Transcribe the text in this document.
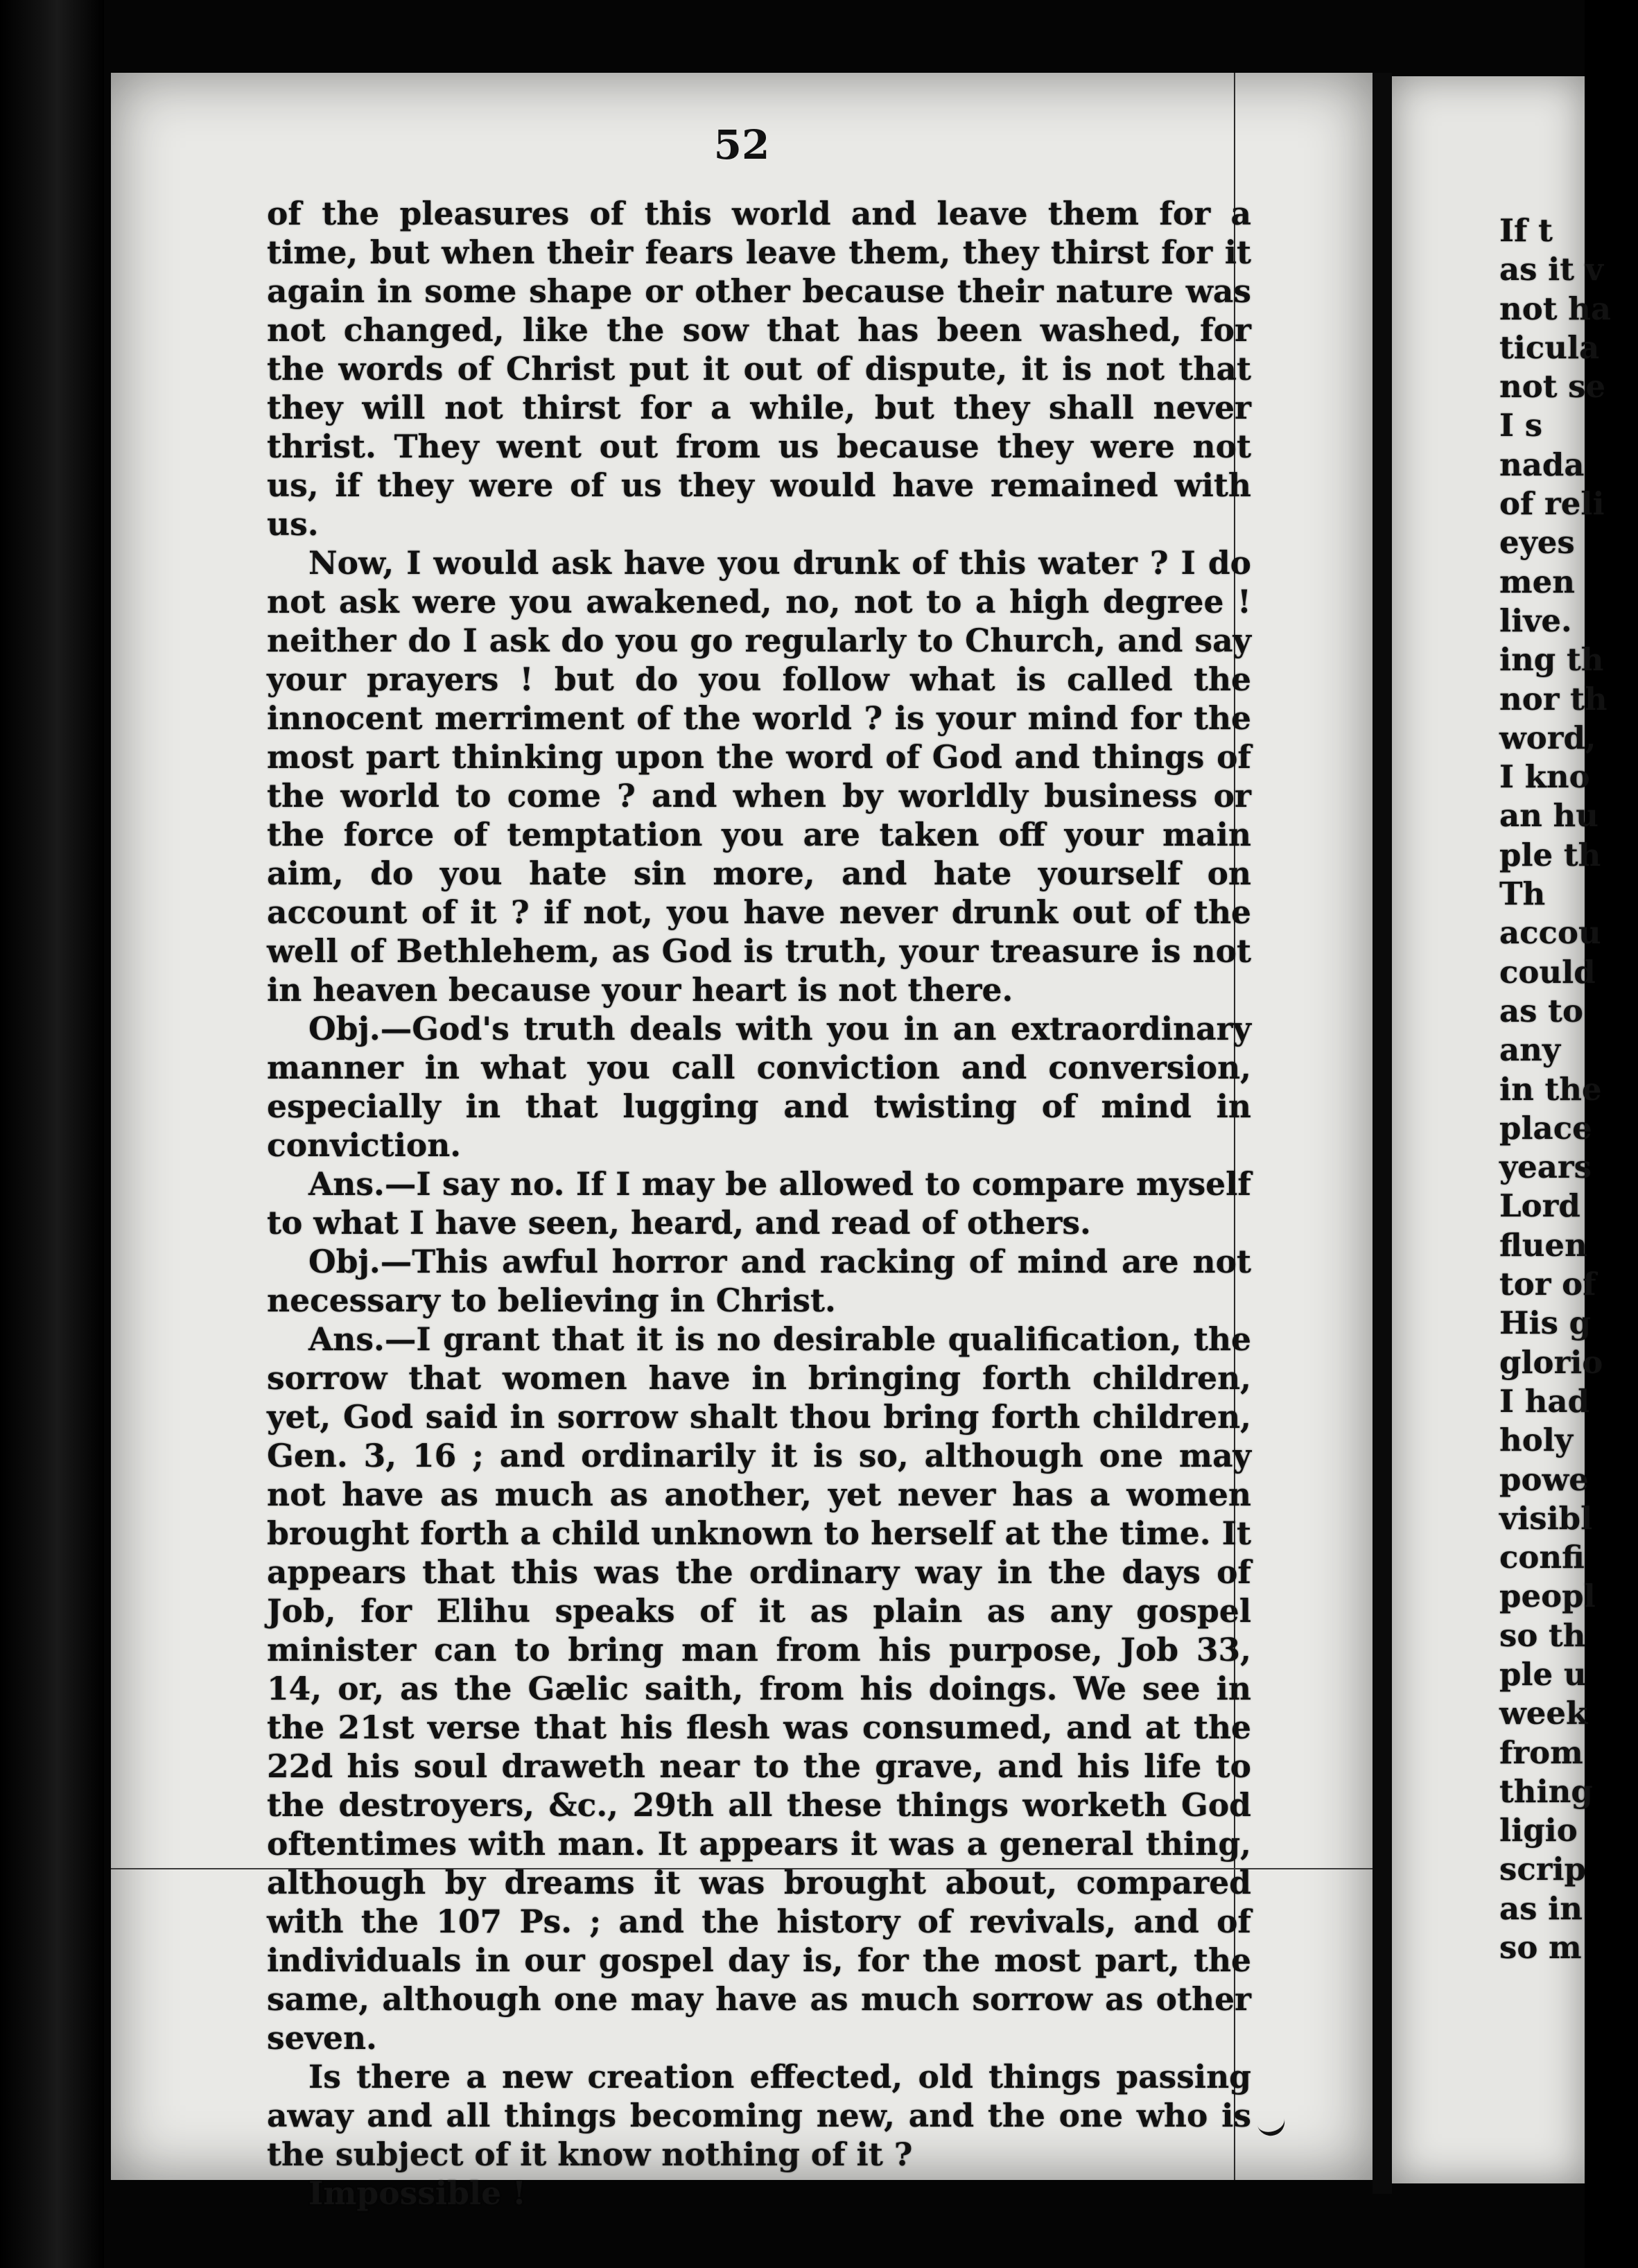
52

of the pleasures of this world and leave them for a time, but when their fears leave them, they thirst for it again in some shape or other because their nature was not changed, like the sow that has been washed, for the words of Christ put it out of dispute, it is not that they will not thirst for a while, but they shall never thrist. They went out from us because they were not us, if they were of us they would have remained with us.

Now, I would ask have you drunk of this water ? I do not ask were you awakened, no, not to a high degree ! neither do I ask do you go regularly to Church, and say your prayers ! but do you follow what is called the innocent merriment of the world ? is your mind for the most part thinking upon the word of God and things of the world to come ? and when by worldly business or the force of temptation you are taken off your main aim, do you hate sin more, and hate yourself on account of it ? if not, you have never drunk out of the well of Bethlehem, as God is truth, your treasure is not in heaven because your heart is not there.

Obj.—God's truth deals with you in an extraordinary manner in what you call conviction and conversion, especially in that lugging and twisting of mind in conviction.

Ans.—I say no. If I may be allowed to compare myself to what I have seen, heard, and read of others.

Obj.—This awful horror and racking of mind are not necessary to believing in Christ.

Ans.—I grant that it is no desirable qualification, the sorrow that women have in bringing forth children, yet, God said in sorrow shalt thou bring forth children, Gen. 3, 16 ; and ordinarily it is so, although one may not have as much as another, yet never has a women brought forth a child unknown to herself at the time. It appears that this was the ordinary way in the days of Job, for Elihu speaks of it as plain as any gospel minister can to bring man from his purpose, Job 33, 14, or, as the Gælic saith, from his doings. We see in the 21st verse that his flesh was consumed, and at the 22d his soul draweth near to the grave, and his life to the destroyers, &c., 29th all these things worketh God oftentimes with man. It appears it was a general thing, although by dreams it was brought about, compared with the 107 Ps. ; and the history of revivals, and of individuals in our gospel day is, for the most part, the same, although one may have as much sorrow as other seven.

Is there a new creation effected, old things passing away and all things becoming new, and the one who is the subject of it know nothing of it ?

Impossible !

If t
as it v
not ha
ticula
not se
I s
nada
of reli
eyes
men
live.
ing th
nor th
word,
I kno
an hu
ple th
Th
accou
could
as to
any
in the
place
years
Lord
fluen
tor of
His g
glorio
I had
holy
powe
visibl
confi
peopl
so th
ple u
week
from
thing
ligio
scrip
as in
so m
